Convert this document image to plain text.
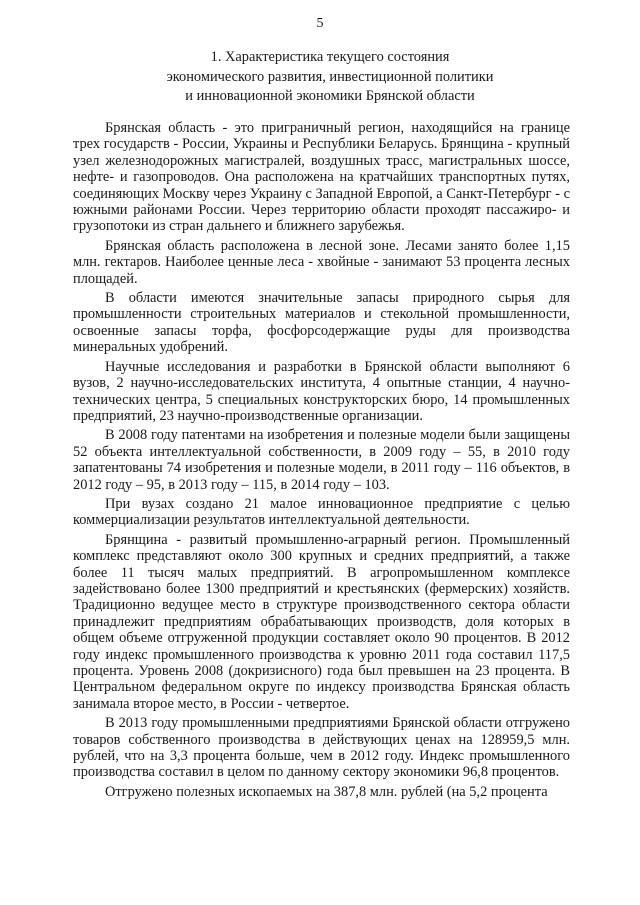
5
1. Характеристика текущего состояния
экономического развития, инвестиционной политики
и инновационной экономики Брянской области

Брянская область - это приграничный регион, находящийся на границе трех государств - России, Украины и Республики Беларусь. Брянщина - крупный узел железнодорожных магистралей, воздушных трасс, магистральных шоссе, нефте- и газопроводов. Она расположена на кратчайших транспортных путях, соединяющих Москву через Украину с Западной Европой, а Санкт-Петербург - с южными районами России. Через территорию области проходят пассажиро- и грузопотоки из стран дальнего и ближнего зарубежья.

Брянская область расположена в лесной зоне. Лесами занято более 1,15 млн. гектаров. Наиболее ценные леса - хвойные - занимают 53 процента лесных площадей.

В области имеются значительные запасы природного сырья для промышленности строительных материалов и стекольной промышленности, освоенные запасы торфа, фосфорсодержащие руды для производства минеральных удобрений.

Научные исследования и разработки в Брянской области выполняют 6 вузов, 2 научно-исследовательских института, 4 опытные станции, 4 научно-технических центра, 5 специальных конструкторских бюро, 14 промышленных предприятий, 23 научно-производственные организации.

В 2008 году патентами на изобретения и полезные модели были защищены 52 объекта интеллектуальной собственности, в 2009 году – 55, в 2010 году запатентованы 74 изобретения и полезные модели, в 2011 году – 116 объектов, в 2012 году – 95, в 2013 году – 115, в 2014 году – 103.

При вузах создано 21 малое инновационное предприятие с целью коммерциализации результатов интеллектуальной деятельности.

Брянщина - развитый промышленно-аграрный регион. Промышленный комплекс представляют около 300 крупных и средних предприятий, а также более 11 тысяч малых предприятий. В агропромышленном комплексе задействовано более 1300 предприятий и крестьянских (фермерских) хозяйств. Традиционно ведущее место в структуре производственного сектора области принадлежит предприятиям обрабатывающих производств, доля которых в общем объеме отгруженной продукции составляет около 90 процентов. В 2012 году индекс промышленного производства к уровню 2011 года составил 117,5 процента. Уровень 2008 (докризисного) года был превышен на 23 процента. В Центральном федеральном округе по индексу производства Брянская область занимала второе место, в России - четвертое.

В 2013 году промышленными предприятиями Брянской области отгружено товаров собственного производства в действующих ценах на 128959,5 млн. рублей, что на 3,3 процента больше, чем в 2012 году. Индекс промышленного производства составил в целом по данному сектору экономики 96,8 процентов.

Отгружено полезных ископаемых на 387,8 млн. рублей (на 5,2 процента
